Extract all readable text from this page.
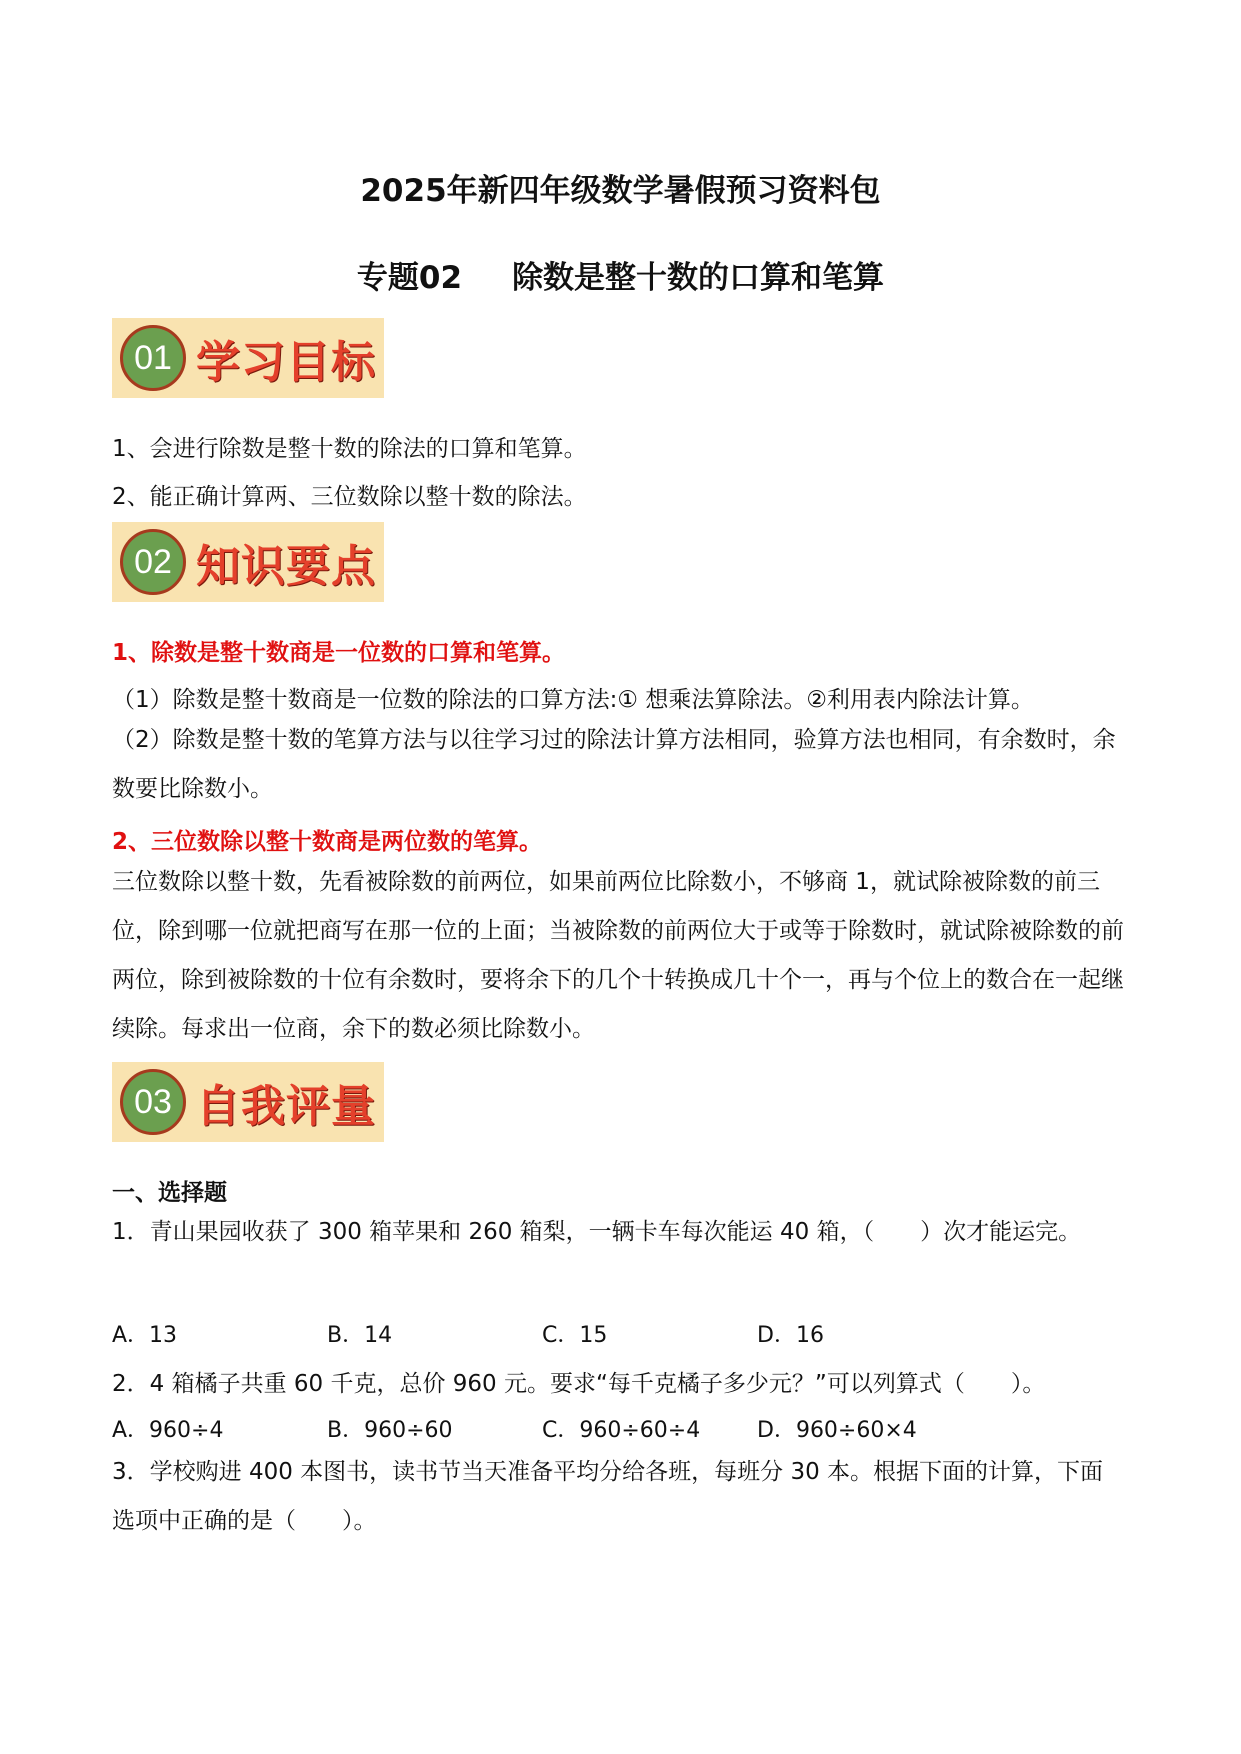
2025年新四年级数学暑假预习资料包
专题02 除数是整十数的口算和笔算
01 学习目标
1、会进行除数是整十数的除法的口算和笔算。
2、能正确计算两、三位数除以整十数的除法。
02 知识要点
1、除数是整十数商是一位数的口算和笔算。
（1）除数是整十数商是一位数的除法的口算方法:① 想乘法算除法。②利用表内除法计算。
（2）除数是整十数的笔算方法与以往学习过的除法计算方法相同，验算方法也相同，有余数时，余数要比除数小。
2、三位数除以整十数商是两位数的笔算。
三位数除以整十数，先看被除数的前两位，如果前两位比除数小，不够商 1，就试除被除数的前三位，除到哪一位就把商写在那一位的上面；当被除数的前两位大于或等于除数时，就试除被除数的前两位，除到被除数的十位有余数时，要将余下的几个十转换成几十个一，再与个位上的数合在一起继续除。每求出一位商，余下的数必须比除数小。
03 自我评量
一、选择题
1．青山果园收获了 300 箱苹果和 260 箱梨，一辆卡车每次能运 40 箱，（　　）次才能运完。
A．13	B．14	C．15	D．16
2．4 箱橘子共重 60 千克，总价 960 元。要求“每千克橘子多少元？”可以列算式（　　）。
A．960÷4	B．960÷60	C．960÷60÷4	D．960÷60×4
3．学校购进 400 本图书，读书节当天准备平均分给各班，每班分 30 本。根据下面的计算，下面选项中正确的是（　　）。
